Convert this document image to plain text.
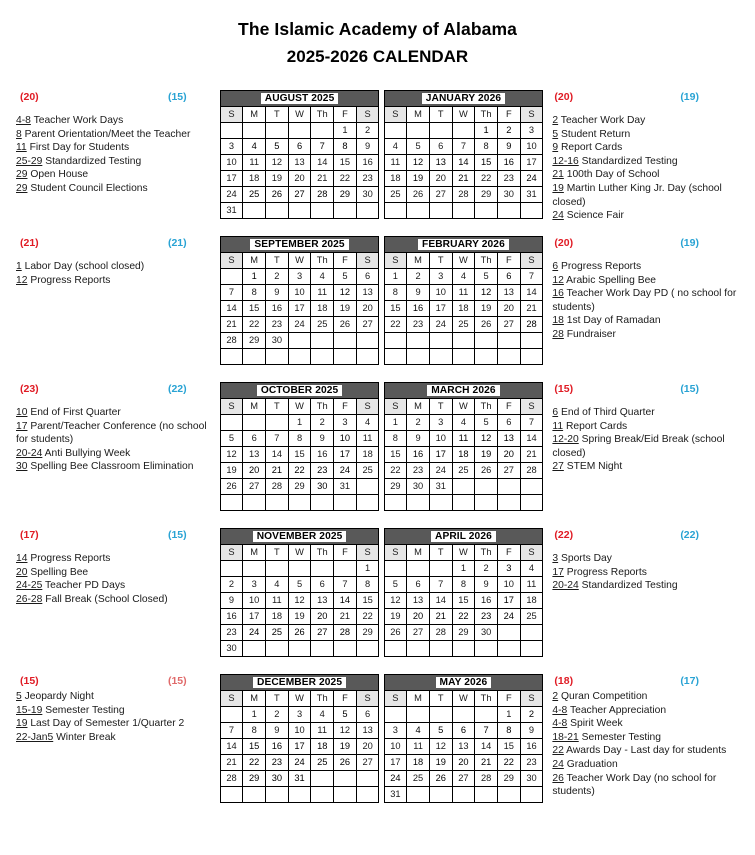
The Islamic Academy of Alabama
2025-2026 CALENDAR
(20)	(15)
4-8 Teacher Work Days
8 Parent Orientation/Meet the Teacher
11 First Day for Students
25-29 Standardized Testing
29 Open House
29 Student Council Elections
AUGUST 2025
S	M	T	W	Th	F	S
					1	2
3	4	5	6	7	8	9
10	11	12	13	14	15	16
17	18	19	20	21	22	23
24	25	26	27	28	29	30
31						
JANUARY 2026
S	M	T	W	Th	F	S
				1	2	3
4	5	6	7	8	9	10
11	12	13	14	15	16	17
18	19	20	21	22	23	24
25	26	27	28	29	30	31

(20)	(19)
2 Teacher Work Day
5 Student Return
9 Report Cards
12-16 Standardized Testing
21 100th Day of School
19 Martin Luther King Jr. Day (school closed)
24 Science Fair
(21)	(21)
1 Labor Day (school closed)
12 Progress Reports
SEPTEMBER 2025
S	M	T	W	Th	F	S
	1	2	3	4	5	6
7	8	9	10	11	12	13
14	15	16	17	18	19	20
21	22	23	24	25	26	27
28	29	30				

FEBRUARY 2026
S	M	T	W	Th	F	S
1	2	3	4	5	6	7
8	9	10	11	12	13	14
15	16	17	18	19	20	21
22	23	24	25	26	27	28

(20)	(19)
6 Progress Reports
12 Arabic Spelling Bee
16 Teacher Work Day PD ( no school for students)
18 1st Day of Ramadan
28 Fundraiser
(23)	(22)
10 End of First Quarter
17 Parent/Teacher Conference (no school for students)
20-24 Anti Bullying Week
30 Spelling Bee Classroom Elimination
OCTOBER 2025
S	M	T	W	Th	F	S
			1	2	3	4
5	6	7	8	9	10	11
12	13	14	15	16	17	18
19	20	21	22	23	24	25
26	27	28	29	30	31	

MARCH 2026
S	M	T	W	Th	F	S
1	2	3	4	5	6	7
8	9	10	11	12	13	14
15	16	17	18	19	20	21
22	23	24	25	26	27	28
29	30	31				

(15)	(15)
6 End of Third Quarter
11 Report Cards
12-20 Spring Break/Eid Break (school closed)
27 STEM Night
(17)	(15)
14 Progress Reports
20 Spelling Bee
24-25 Teacher PD Days
26-28 Fall Break (School Closed)
NOVEMBER 2025
S	M	T	W	Th	F	S
						1
2	3	4	5	6	7	8
9	10	11	12	13	14	15
16	17	18	19	20	21	22
23	24	25	26	27	28	29
30						
APRIL 2026
S	M	T	W	Th	F	S
			1	2	3	4
5	6	7	8	9	10	11
12	13	14	15	16	17	18
19	20	21	22	23	24	25
26	27	28	29	30		

(22)	(22)
3 Sports Day
17 Progress Reports
20-24 Standardized Testing
(15)	(15)
5 Jeopardy Night
15-19 Semester Testing
19 Last Day of Semester 1/Quarter 2
22-Jan5 Winter Break
DECEMBER 2025
S	M	T	W	Th	F	S
	1	2	3	4	5	6
7	8	9	10	11	12	13
14	15	16	17	18	19	20
21	22	23	24	25	26	27
28	29	30	31			

MAY 2026
S	M	T	W	Th	F	S
					1	2
3	4	5	6	7	8	9
10	11	12	13	14	15	16
17	18	19	20	21	22	23
24	25	26	27	28	29	30
31						
(18)	(17)
2 Quran Competition
4-8 Teacher Appreciation
4-8 Spirit Week
18-21 Semester Testing
22 Awards Day - Last day for students
24 Graduation
26 Teacher Work Day (no school for students)
